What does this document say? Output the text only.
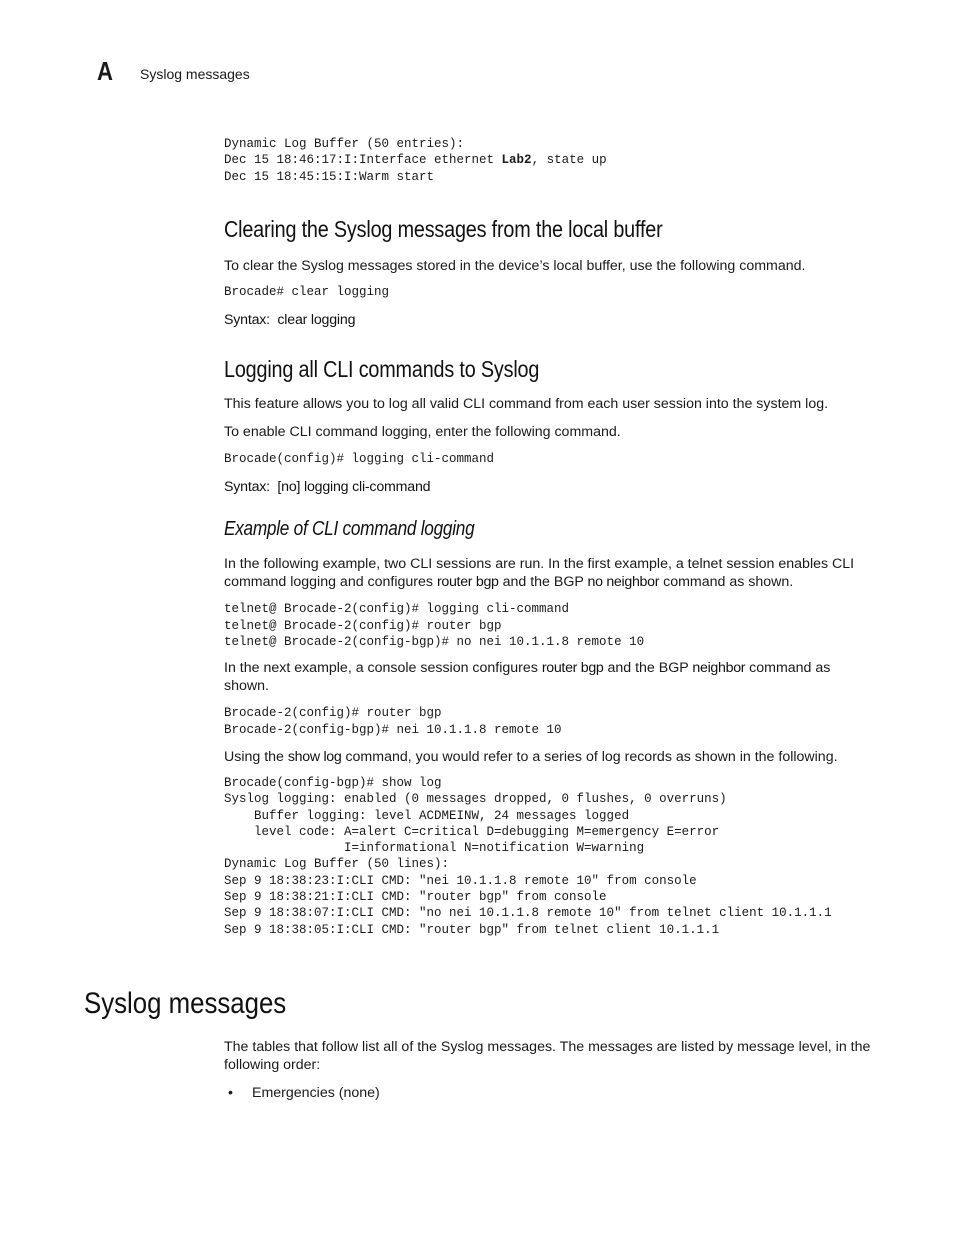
A Syslog messages
Dynamic Log Buffer (50 entries):
Dec 15 18:46:17:I:Interface ethernet Lab2, state up
Dec 15 18:45:15:I:Warm start
Clearing the Syslog messages from the local buffer

To clear the Syslog messages stored in the device’s local buffer, use the following command.

Brocade# clear logging

Syntax: clear logging

Logging all CLI commands to Syslog

This feature allows you to log all valid CLI command from each user session into the system log.

To enable CLI command logging, enter the following command.

Brocade(config)# logging cli-command

Syntax: [no] logging cli-command

Example of CLI command logging

In the following example, two CLI sessions are run. In the first example, a telnet session enables CLI command logging and configures router bgp and the BGP no neighbor command as shown.

telnet@ Brocade-2(config)# logging cli-command
telnet@ Brocade-2(config)# router bgp
telnet@ Brocade-2(config-bgp)# no nei 10.1.1.8 remote 10

In the next example, a console session configures router bgp and the BGP neighbor command as shown.

Brocade-2(config)# router bgp
Brocade-2(config-bgp)# nei 10.1.1.8 remote 10

Using the show log command, you would refer to a series of log records as shown in the following.

Brocade(config-bgp)# show log
Syslog logging: enabled (0 messages dropped, 0 flushes, 0 overruns)
Buffer logging: level ACDMEINW, 24 messages logged
level code: A=alert C=critical D=debugging M=emergency E=error
I=informational N=notification W=warning
Dynamic Log Buffer (50 lines):
Sep 9 18:38:23:I:CLI CMD: "nei 10.1.1.8 remote 10" from console
Sep 9 18:38:21:I:CLI CMD: "router bgp" from console
Sep 9 18:38:07:I:CLI CMD: "no nei 10.1.1.8 remote 10" from telnet client 10.1.1.1
Sep 9 18:38:05:I:CLI CMD: "router bgp" from telnet client 10.1.1.1
Syslog messages

The tables that follow list all of the Syslog messages. The messages are listed by message level, in the following order:

• Emergencies (none)
